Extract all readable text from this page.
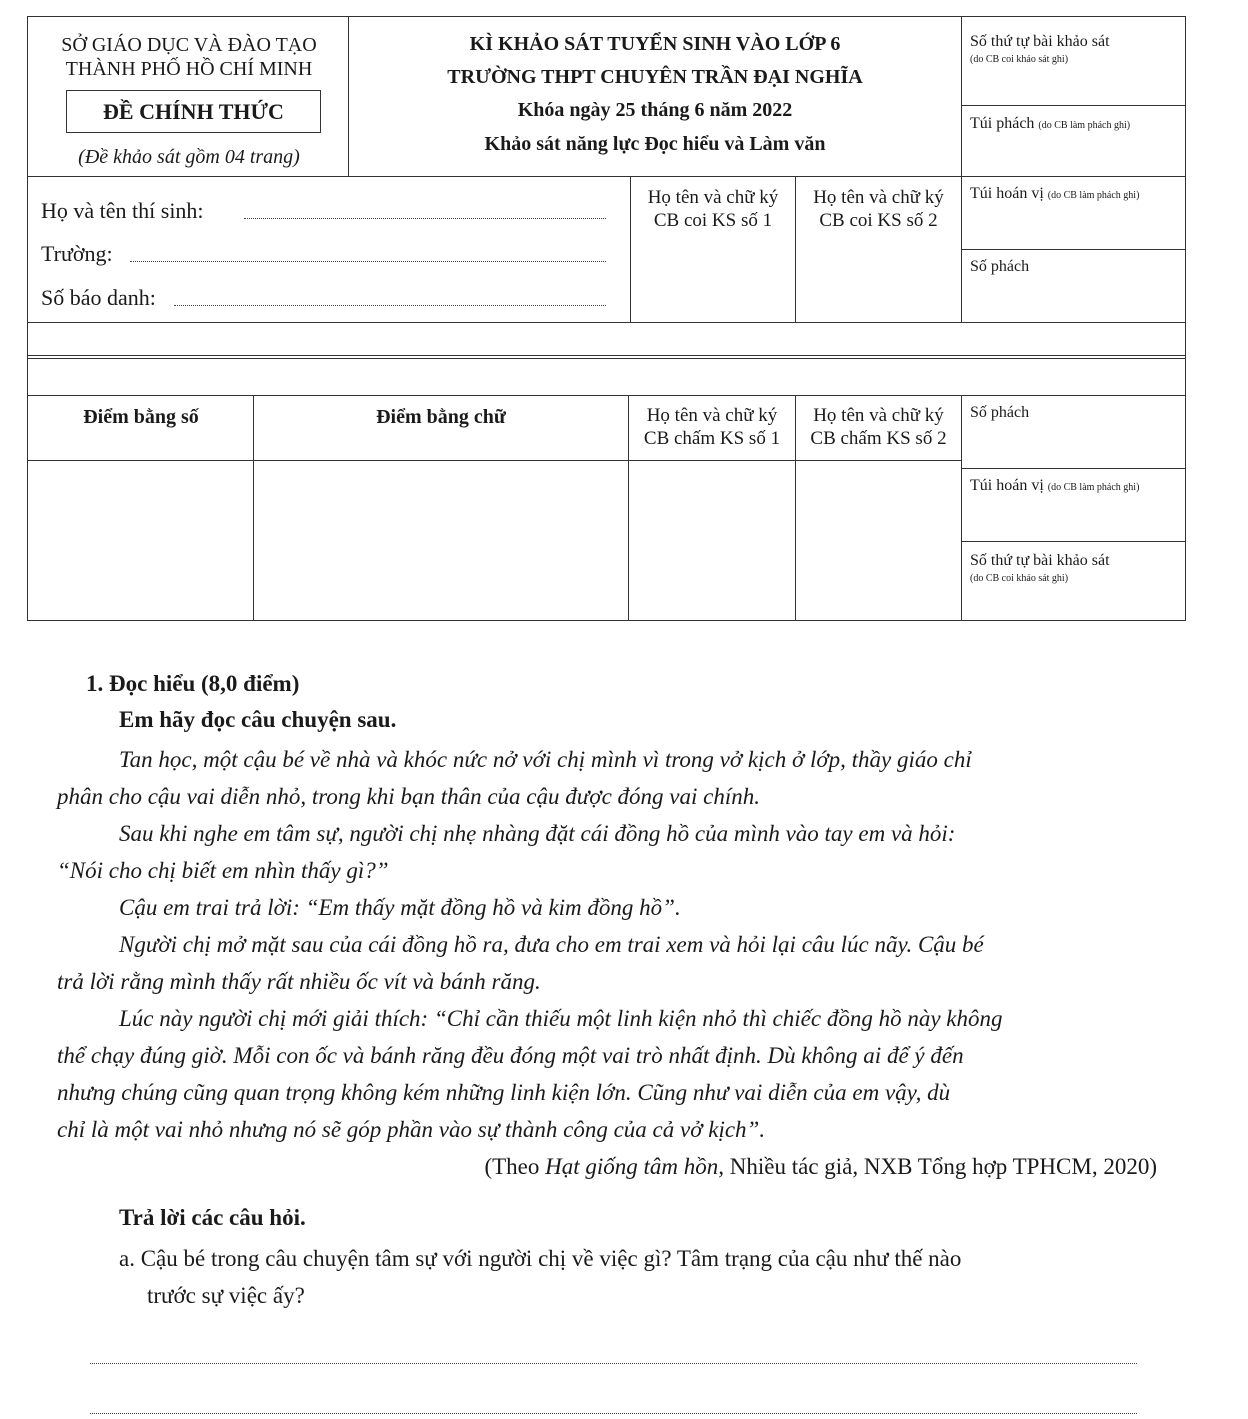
SỞ GIÁO DỤC VÀ ĐÀO TẠO
THÀNH PHỐ HỒ CHÍ MINH
ĐỀ CHÍNH THỨC
(Đề khảo sát gồm 04 trang)
KÌ KHẢO SÁT TUYỂN SINH VÀO LỚP 6
TRƯỜNG THPT CHUYÊN TRẦN ĐẠI NGHĨA
Khóa ngày 25 tháng 6 năm 2022
Khảo sát năng lực Đọc hiểu và Làm văn
Số thứ tự bài khảo sát
(do CB coi khảo sát ghi)
Túi phách (do CB làm phách ghi)
Họ và tên thí sinh:
Trường:
Số báo danh:
Họ tên và chữ ký
CB coi KS số 1
Họ tên và chữ ký
CB coi KS số 2
Túi hoán vị (do CB làm phách ghi)
Số phách
Điểm bằng số	Điểm bằng chữ	Họ tên và chữ ký
CB chấm KS số 1
Họ tên và chữ ký
CB chấm KS số 2
Số phách
Túi hoán vị (do CB làm phách ghi)
Số thứ tự bài khảo sát
(do CB coi khảo sát ghi)
1. Đọc hiểu (8,0 điểm)
Em hãy đọc câu chuyện sau.
Tan học, một cậu bé về nhà và khóc nức nở với chị mình vì trong vở kịch ở lớp, thầy giáo chỉ
phân cho cậu vai diễn nhỏ, trong khi bạn thân của cậu được đóng vai chính.
Sau khi nghe em tâm sự, người chị nhẹ nhàng đặt cái đồng hồ của mình vào tay em và hỏi:
“Nói cho chị biết em nhìn thấy gì?”
Cậu em trai trả lời: “Em thấy mặt đồng hồ và kim đồng hồ”.
Người chị mở mặt sau của cái đồng hồ ra, đưa cho em trai xem và hỏi lại câu lúc nãy. Cậu bé
trả lời rằng mình thấy rất nhiều ốc vít và bánh răng.
Lúc này người chị mới giải thích: “Chỉ cần thiếu một linh kiện nhỏ thì chiếc đồng hồ này không
thể chạy đúng giờ. Mỗi con ốc và bánh răng đều đóng một vai trò nhất định. Dù không ai để ý đến
nhưng chúng cũng quan trọng không kém những linh kiện lớn. Cũng như vai diễn của em vậy, dù
chỉ là một vai nhỏ nhưng nó sẽ góp phần vào sự thành công của cả vở kịch”.
(Theo Hạt giống tâm hồn, Nhiều tác giả, NXB Tổng hợp TPHCM, 2020)
Trả lời các câu hỏi.
a. Cậu bé trong câu chuyện tâm sự với người chị về việc gì? Tâm trạng của cậu như thế nào
trước sự việc ấy?
